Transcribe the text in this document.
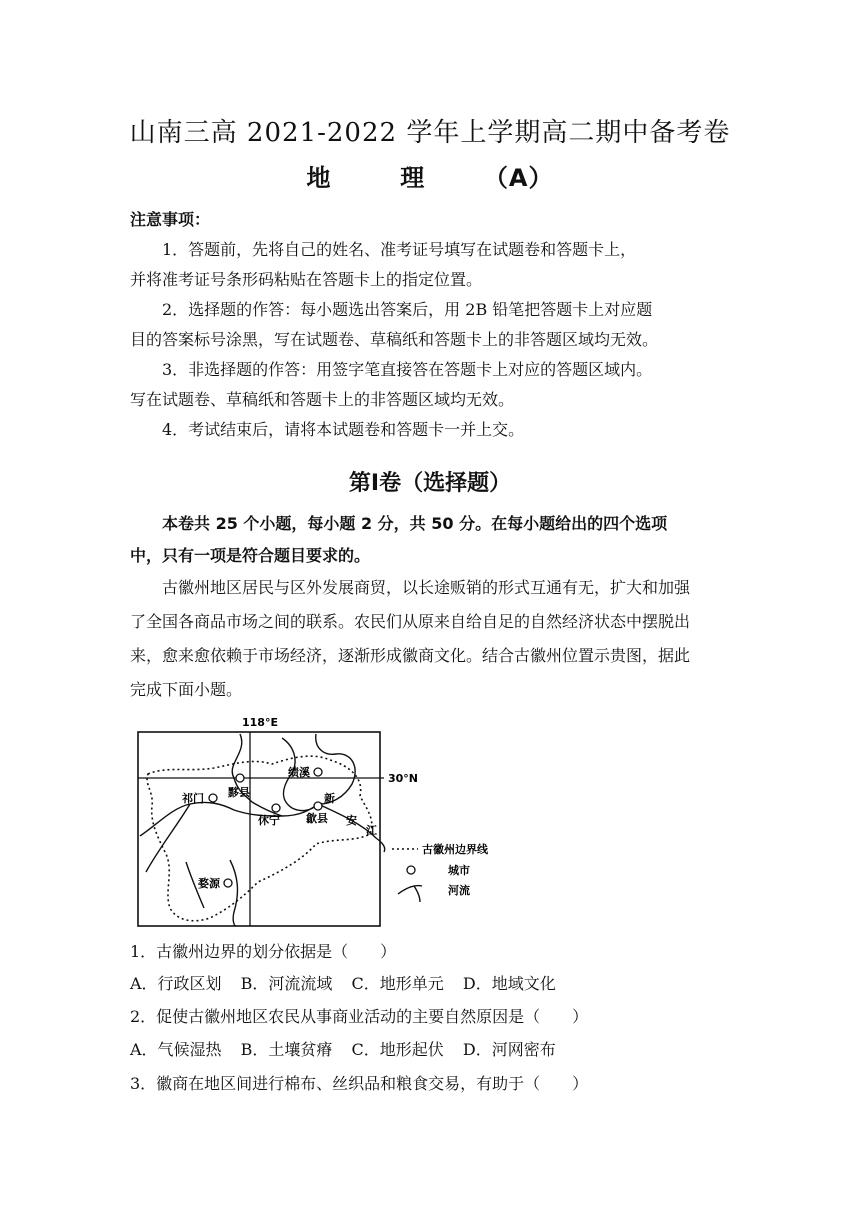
山南三高 2021-2022 学年上学期高二期中备考卷
地	理 （A）
注意事项：
1．答题前，先将自己的姓名、准考证号填写在试题卷和答题卡上，
并将准考证号条形码粘贴在答题卡上的指定位置。
2．选择题的作答：每小题选出答案后，用 2B 铅笔把答题卡上对应题
目的答案标号涂黑，写在试题卷、草稿纸和答题卡上的非答题区域均无效。
3．非选择题的作答：用签字笔直接答在答题卡上对应的答题区域内。
写在试题卷、草稿纸和答题卡上的非答题区域均无效。
4．考试结束后，请将本试题卷和答题卡一并上交。
第Ⅰ卷（选择题）
本卷共 25 个小题，每小题 2 分，共 50 分。在每小题给出的四个选项
中，只有一项是符合题目要求的。
古徽州地区居民与区外发展商贸，以长途贩销的形式互通有无，扩大和加强
了全国各商品市场之间的联系。农民们从原来自给自足的自然经济状态中摆脱出
来，愈来愈依赖于市场经济，逐渐形成徽商文化。结合古徽州位置示贵图，据此
完成下面小题。
118°E
30°N
祁门 黟县
绩溪
休宁 歙县
婺源
新
安
江
古徽州边界线
城市
河流
1．古徽州边界的划分依据是（　　）
A．行政区划 B．河流流域 C．地形单元 D．地域文化
2．促使古徽州地区农民从事商业活动的主要自然原因是（　　）
A．气候湿热 B．土壤贫瘠 C．地形起伏 D．河网密布
3．徽商在地区间进行棉布、丝织品和粮食交易，有助于（　　）
